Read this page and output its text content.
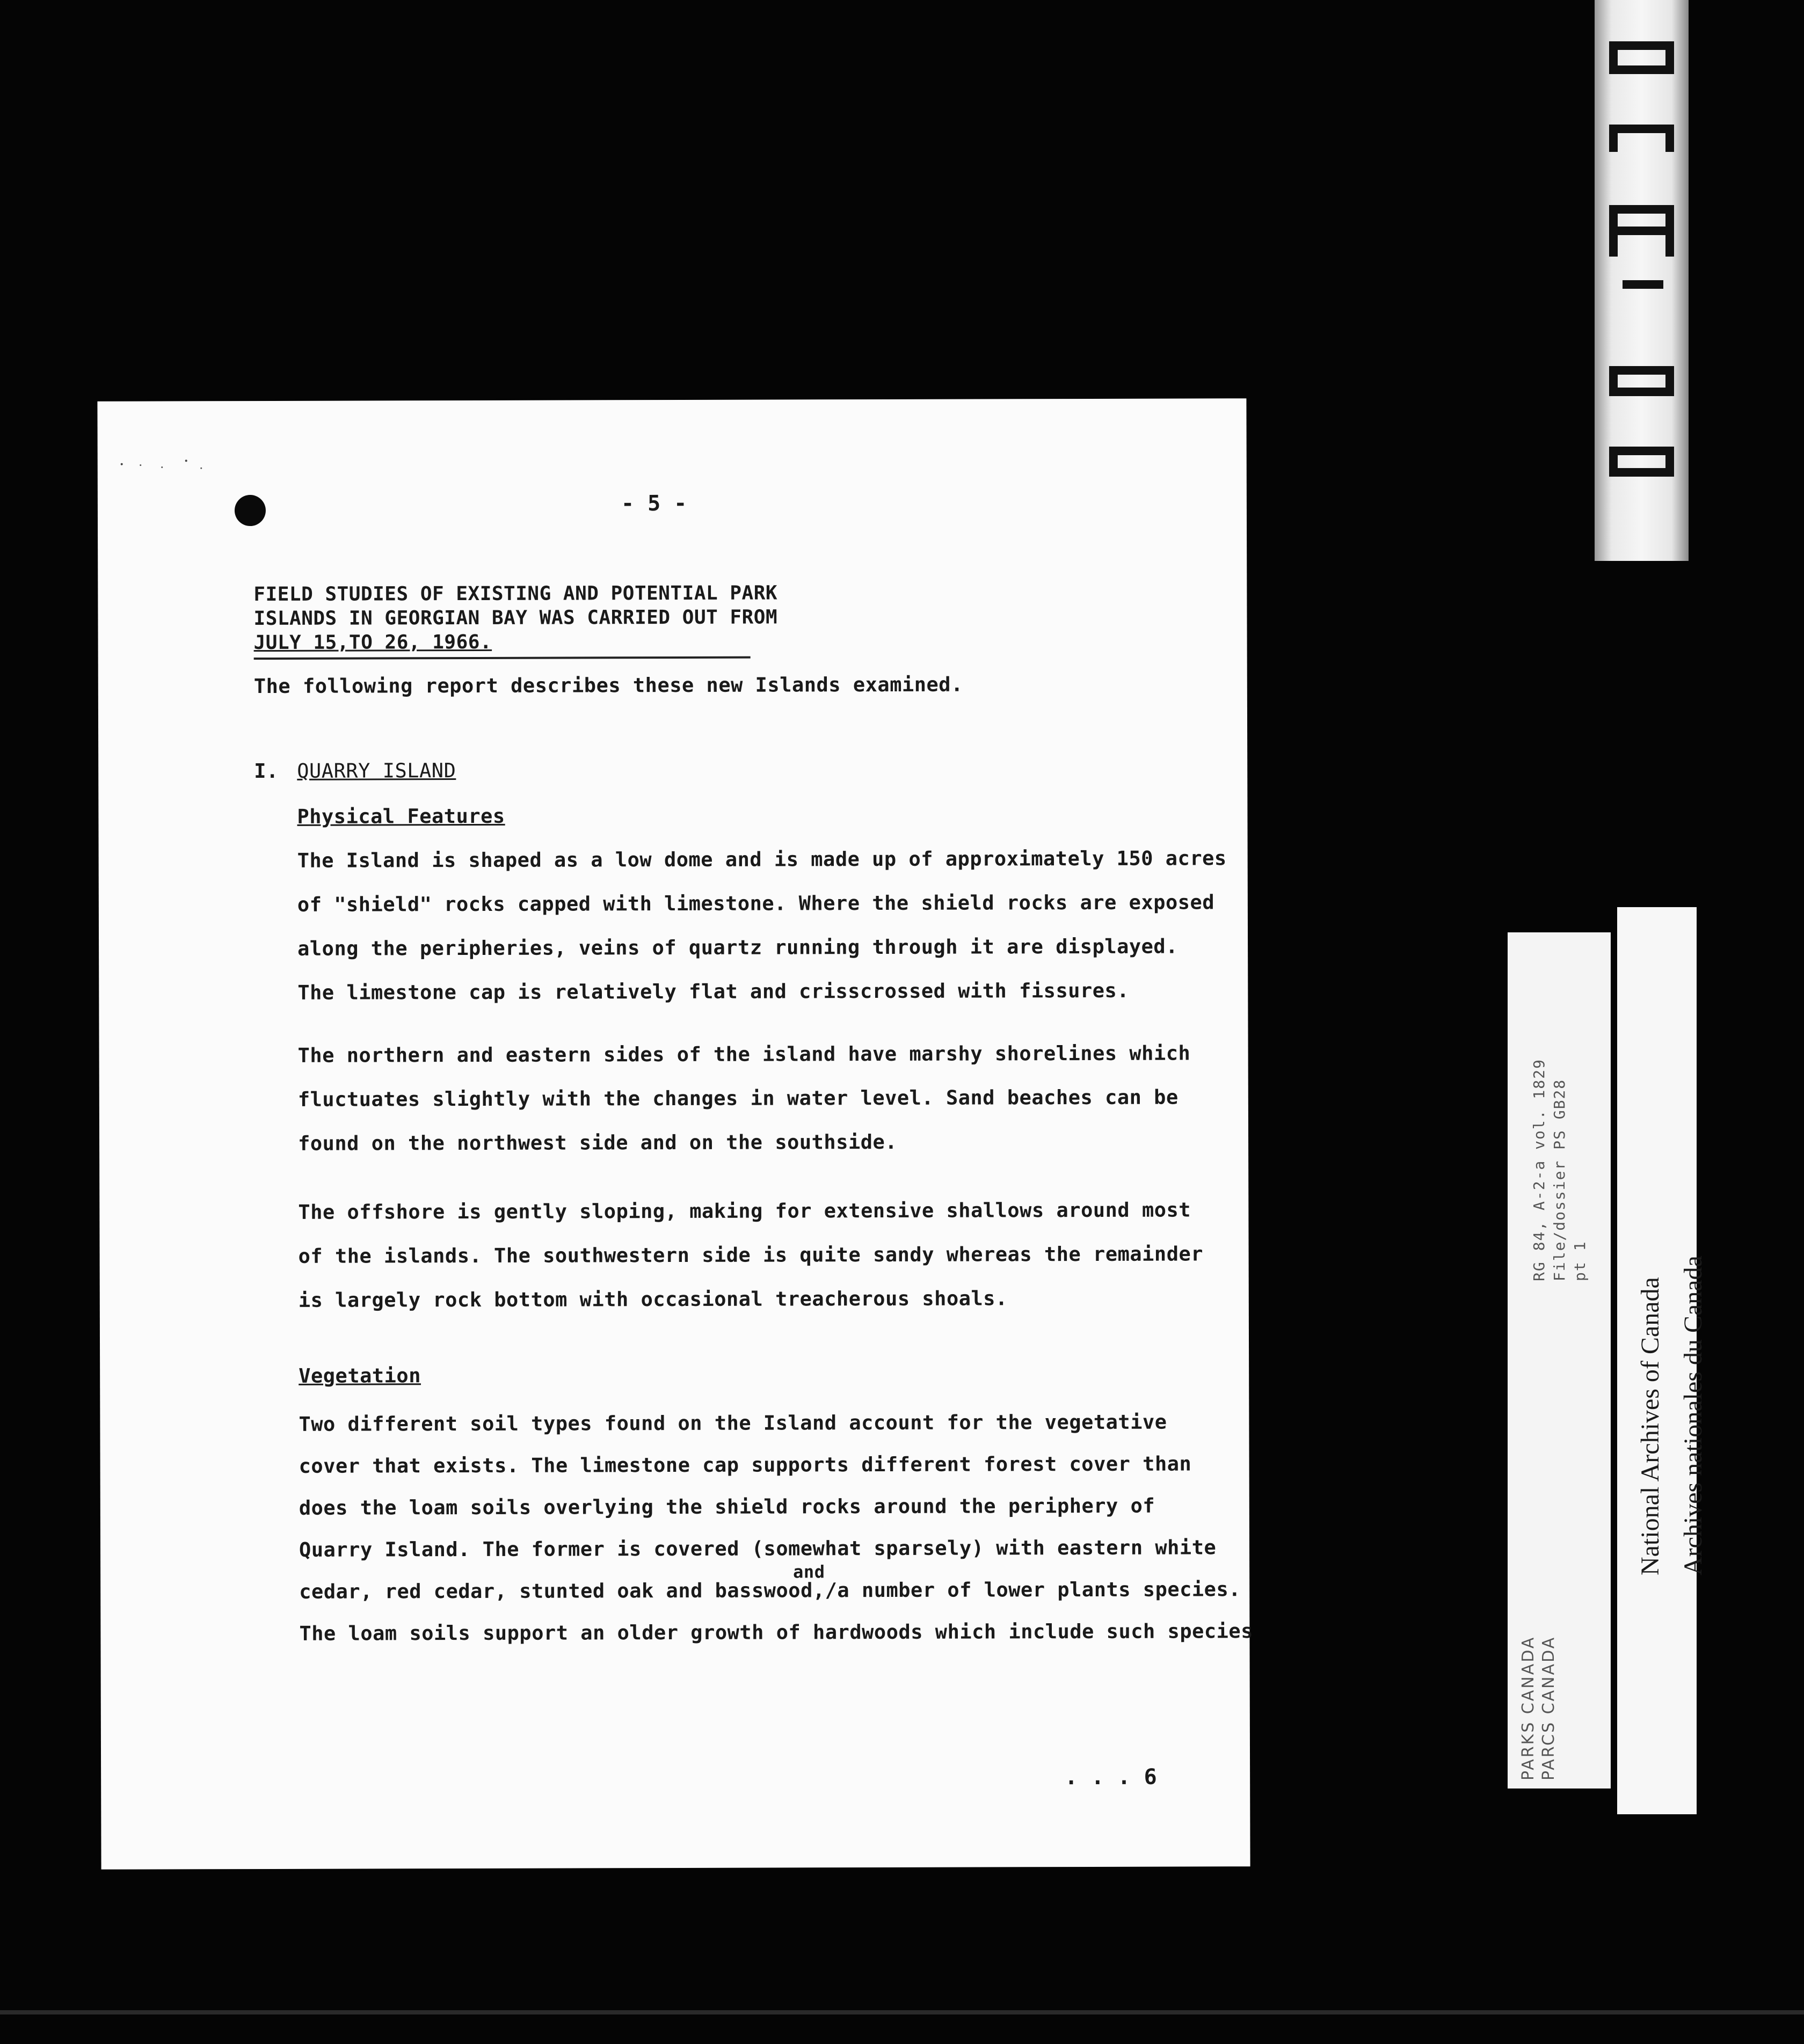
- 5 -
FIELD STUDIES OF EXISTING AND POTENTIAL PARK
ISLANDS IN GEORGIAN BAY WAS CARRIED OUT FROM
JULY 15,TO 26, 1966.
The following report describes these new Islands examined.
I. QUARRY ISLAND
Physical Features
The Island is shaped as a low dome and is made up of approximately 150 acres
of "shield" rocks capped with limestone. Where the shield rocks are exposed
along the peripheries, veins of quartz running through it are displayed.
The limestone cap is relatively flat and crisscrossed with fissures.
The northern and eastern sides of the island have marshy shorelines which
fluctuates slightly with the changes in water level. Sand beaches can be
found on the northwest side and on the southside.
The offshore is gently sloping, making for extensive shallows around most
of the islands. The southwestern side is quite sandy whereas the remainder
is largely rock bottom with occasional treacherous shoals.
Vegetation
Two different soil types found on the Island account for the vegetative
cover that exists. The limestone cap supports different forest cover than
does the loam soils overlying the shield rocks around the periphery of
Quarry Island. The former is covered (somewhat sparsely) with eastern white
and
cedar, red cedar, stunted oak and basswood,/a number of lower plants species.
The loam soils support an older growth of hardwoods which include such species
. . . 6	PARKS CANADA PARCS CANADA
RG 84, A-2-a vol. 1829 File/dossier PS GB28 pt 1
National Archives of Canada Archives nationales du Canada
